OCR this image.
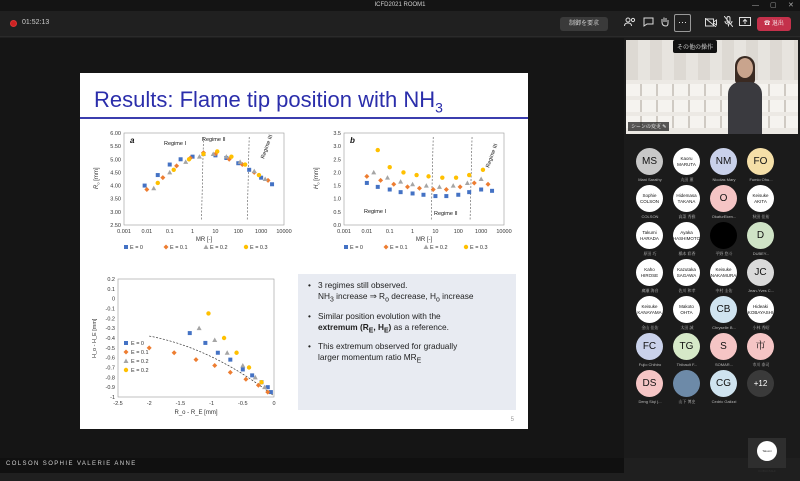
ICFD2021 ROOM1	— ▢ ✕
01:52:13	制御を要求	···	☎ 退出
その他の操作
Results: Flame tip position with $NH_3$
2.50
3.00
3.50
4.00
4.50
5.00
5.50
6.00
0.001 0.01 0.1	1	10	100 1000 10000
a
$R_o$ [mm]
MR [-]
Regime I
Regime II	Regime III
E = 0	E = 0.1	E = 0.2	E = 0.3
0.0
0.5
1.0
1.5
2.0
2.5
3.0
3.5
0.001 0.01 0.1	1	10	100 1000 10000
b
$H_o$ [mm]
MR [-]
Regime I	Regime II
Regime III
E = 0	E = 0.1	E = 0.2	E = 0.3
0.2
0.1
0
-0.1
-0.2
-0.3
-0.4
-0.5
-0.6
-0.7
-0.8
-0.9
-1
-2.5	-2	-1.5	-1	-0.5	0
H_o - H_E [mm]
R_o - R_E [mm]
E = 0
E = 0.1
E = 0.2
E = 0.2
• 3 regimes still observed.
$NH_3$ increase ⇒ $R_o$ decrease, $H_o$ increase
• Similar position evolution with the
extremum ($R_E$, $H_E$) as a reference.
• This extremum observed for gradually
larger momentum ratio $MR_E$
5
シーンの変更 ✎
MS
Mani Sarathy
Kaoru MARUTA
丸田 薫
NM
Nicolas Mary
FO
Fumio Ohu...
Sophie COLSON
COLSON
Hidemasa TAKANA
高菜 秀雅
O
OkafurEken...
Keisuke AKITA
秋田 佳祐
Takumi HARADA
原田 巧
Ayaka HASHIMOTO
橋本 彩香	平野 悠斗
D
DUBEY...
Kaho HIROSE
廣瀬 海音
Kazutaka SAGAWA
佐川 和孝
Keisuke NAKAMURA
中村 圭佑
JC
Jean-Yves C...
Keisuke KANAYAMA
金山 佳佑
Makoto OHTA
太田 誠
CB
Chryselle B...
Hideaki KOBAYASHI
小林 秀昭
FC
Fujio Chihiro
TG
Thibault F...
S
SOMAR...
市
市川 泰司
DS
Deng Siqi (...	山下 博史
CG
Cedric Galizzi
+12
Takumi KOBAYASHI
COLSON SOPHIE VALERIE ANNE
